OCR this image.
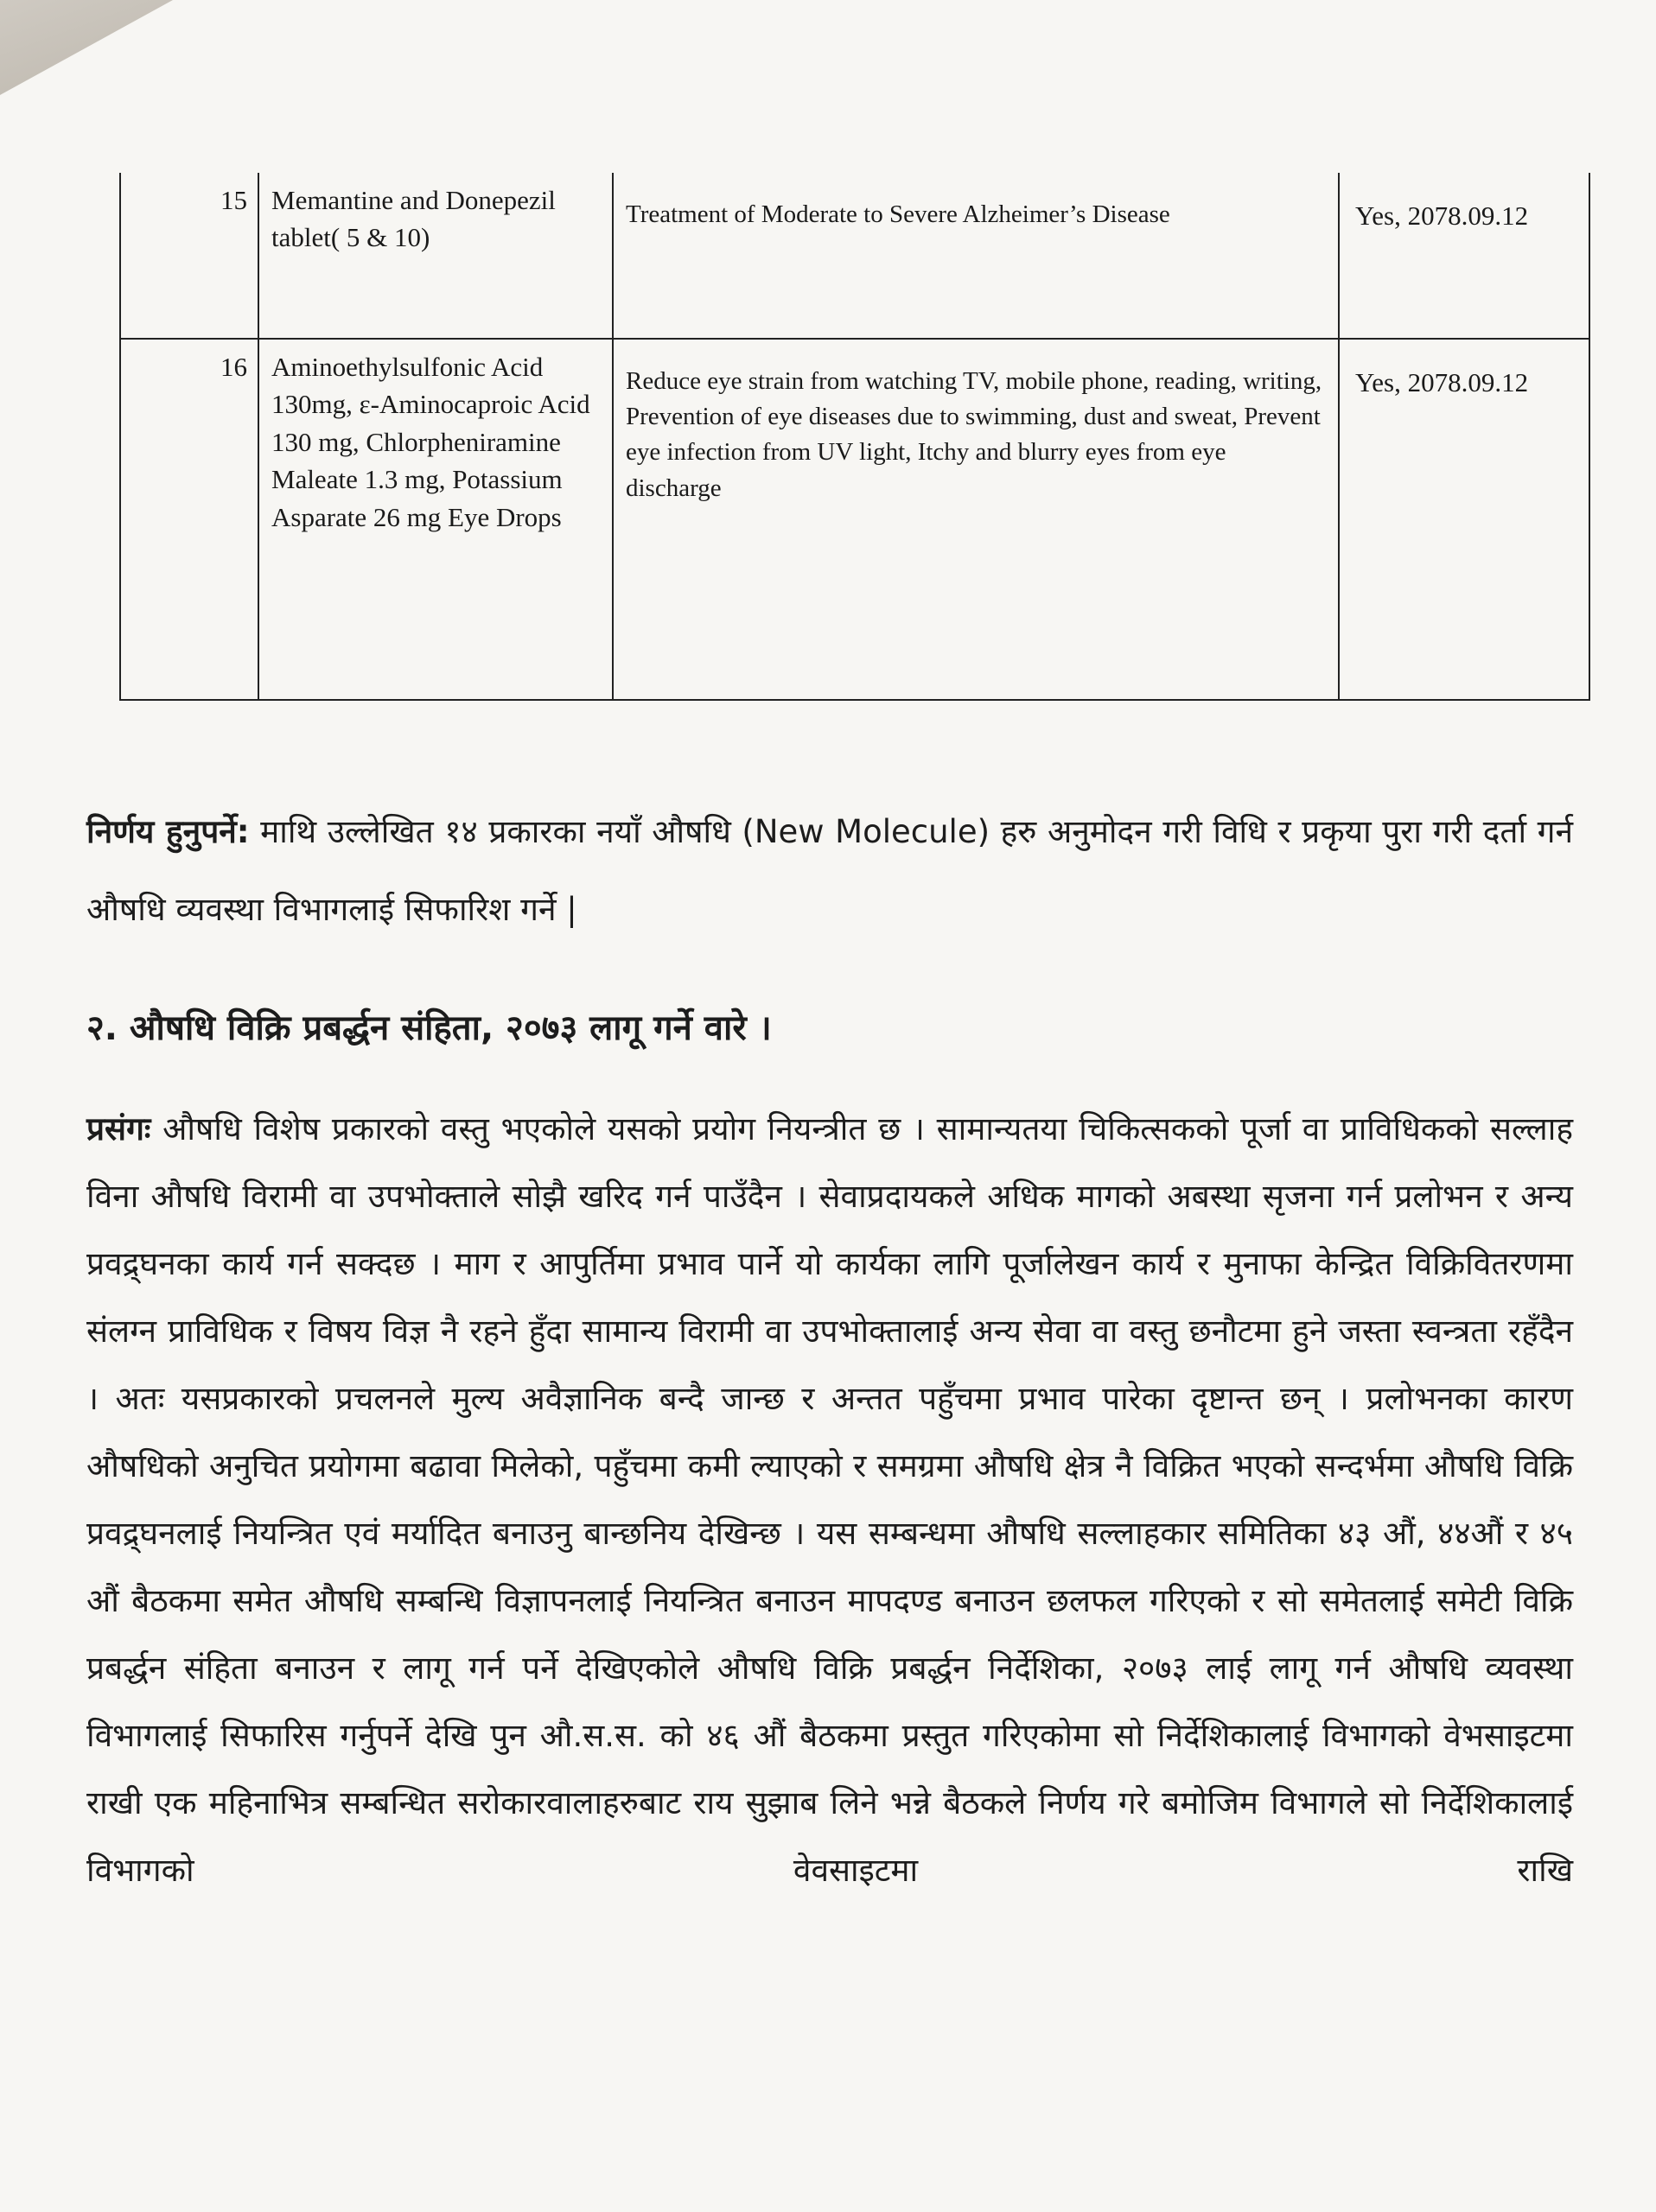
15	Memantine and Donepezil tablet( 5 & 10)	Treatment of Moderate to Severe Alzheimer’s Disease	Yes, 2078.09.12
16	Aminoethylsulfonic Acid 130mg, ε-Aminocaproic Acid 130 mg, Chlorpheniramine Maleate 1.3 mg, Potassium Asparate 26 mg Eye Drops	Reduce eye strain from watching TV, mobile phone, reading, writing, Prevention of eye diseases due to swimming, dust and sweat, Prevent eye infection from UV light, Itchy and blurry eyes from eye discharge	Yes, 2078.09.12
निर्णय हुनुपर्ने: माथि उल्लेखित १४ प्रकारका नयाँ औषधि (New Molecule) हरु अनुमोदन गरी विधि र प्रकृया पुरा गरी दर्ता गर्न औषधि व्यवस्था विभागलाई सिफारिश गर्ने |
२. औषधि विक्रि प्रबर्द्धन संहिता, २०७३ लागू गर्ने वारे ।
प्रसंगः औषधि विशेष प्रकारको वस्तु भएकोले यसको प्रयोग नियन्त्रीत छ । सामान्यतया चिकित्सकको पूर्जा वा प्राविधिकको सल्लाह विना औषधि विरामी वा उपभोक्ताले सोझै खरिद गर्न पाउँदैन । सेवाप्रदायकले अधिक मागको अबस्था सृजना गर्न प्रलोभन र अन्य प्रवद्र्घनका कार्य गर्न सक्दछ । माग र आपुर्तिमा प्रभाव पार्ने यो कार्यका लागि पूर्जालेखन कार्य र मुनाफा केन्द्रित विक्रिवितरणमा संलग्न प्राविधिक र विषय विज्ञ नै रहने हुँदा सामान्य विरामी वा उपभोक्तालाई अन्य सेवा वा वस्तु छनौटमा हुने जस्ता स्वन्त्रता रहँदैन । अतः यसप्रकारको प्रचलनले मुल्य अवैज्ञानिक बन्दै जान्छ र अन्तत पहुँचमा प्रभाव पारेका दृष्टान्त छन् । प्रलोभनका कारण औषधिको अनुचित प्रयोगमा बढावा मिलेको, पहुँचमा कमी ल्याएको र समग्रमा औषधि क्षेत्र नै विक्रित भएको सन्दर्भमा औषधि विक्रि प्रवद्र्घनलाई नियन्त्रित एवं मर्यादित बनाउनु बान्छनिय देखिन्छ । यस सम्बन्धमा औषधि सल्लाहकार समितिका ४३ औं, ४४औं र ४५ औं बैठकमा समेत औषधि सम्बन्धि विज्ञापनलाई नियन्त्रित बनाउन मापदण्ड बनाउन छलफल गरिएको र सो समेतलाई समेटी विक्रि प्रबर्द्धन संहिता बनाउन र लागू गर्न पर्ने देखिएकोले औषधि विक्रि प्रबर्द्धन निर्देशिका, २०७३ लाई लागू गर्न औषधि व्यवस्था विभागलाई सिफारिस गर्नुपर्ने देखि पुन औ.स.स. को ४६ औं बैठकमा प्रस्तुत गरिएकोमा सो निर्देशिकालाई विभागको वेभसाइटमा राखी एक महिनाभित्र सम्बन्धित सरोकारवालाहरुबाट राय सुझाब लिने भन्ने बैठकले निर्णय गरे बमोजिम विभागले सो निर्देशिकालाई विभागको वेवसाइटमा राखि
